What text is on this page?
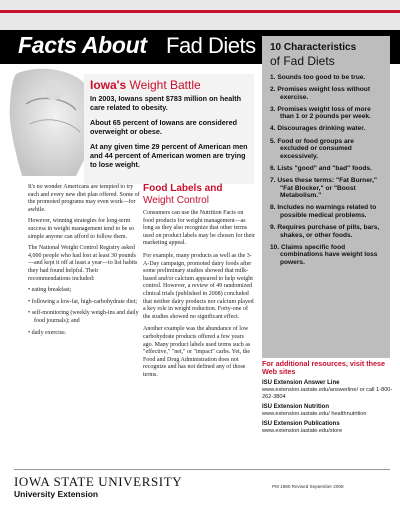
Facts About Fad Diets
Iowa's Weight Battle

In 2003, Iowans spent $783 million on health care related to obesity.

About 65 percent of Iowans are considered overweight or obese.

At any given time 29 percent of American men and 44 percent of American women are trying to lose weight.

It's no wonder Americans are tempted to try each and every new diet plan offered. Some of the promoted programs may even work—for awhile.

However, winning strategies for long-term success in weight management tend to be so simple anyone can afford to follow them.

The National Weight Control Registry asked 4,000 people who had lost at least 30 pounds—and kept it off at least a year—to list habits they had found helpful. Their recommendations included:

• eating breakfast;
• following a low-fat, high-carbohydrate diet;
• self-monitoring (weekly weigh-ins and daily food journals); and
• daily exercise.
Food Labels and
Weight Control

Consumers can use the Nutrition Facts on food products for weight management—as long as they also recognize that other terms used on product labels may be chosen for their marketing appeal.

For example, many products as well as the 3-A-Day campaign, promoted dairy foods after some preliminary studies showed that milk-based and/or calcium appeared to help weight control. However, a review of 49 randomized clinical trials (published in 2008) concluded that neither dairy products nor calcium played a key role in weight reduction. Forty-one of the studies showed no significant effect.

Another example was the abundance of low carbohydrate products offered a few years ago. Many product labels used terms such as "effective," "net," or "impact" carbs. Yet, the Food and Drug Administration does not recognize and has not defined any of those terms.

10 Characteristics
of Fad Diets
1. Sounds too good to be true.
2. Promises weight loss without exercise.
3. Promises weight loss of more than 1 or 2 pounds per week.
4. Discourages drinking water.
5. Food or food groups are excluded or consumed excessively.
6. Lists "good" and "bad" foods.
7. Uses these terms: "Fat Burner," "Fat Blocker," or "Boost Metabolism."
8. Includes no warnings related to possible medical problems.
9. Requires purchase of pills, bars, shakes, or other foods.
10. Claims specific food combinations have weight loss powers.
For additional resources, visit these Web sites
ISU Extension Answer Line
www.extension.iastate.edu/answerline/ or call 1-800-262-3804
ISU Extension Nutrition
www.extension.iastate.edu/ healthnutrition
ISU Extension Publications
www.extension.iastate.edu/store
IOWA STATE UNIVERSITY
University Extension
PM 1980 Revised September 2008
